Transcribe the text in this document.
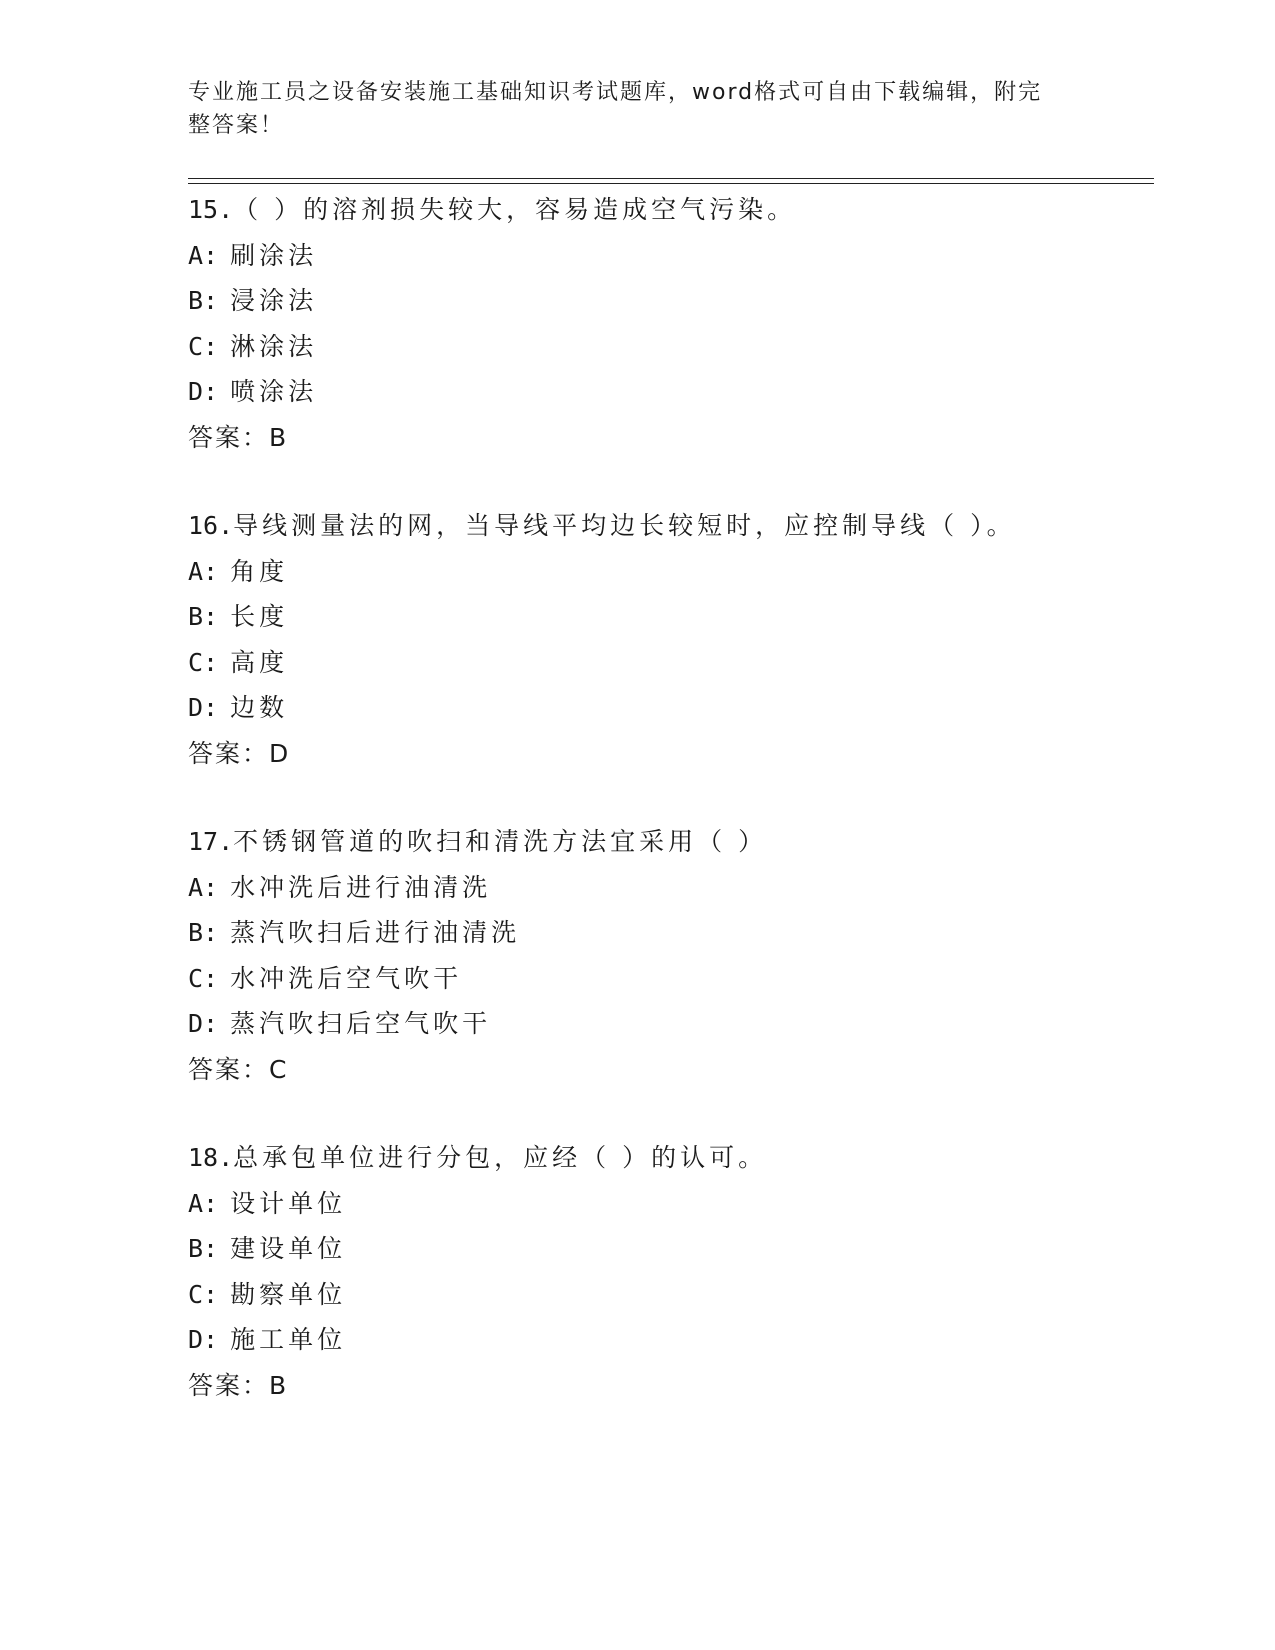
专业施工员之设备安装施工基础知识考试题库，word格式可自由下载编辑，附完
整答案！
15.（ ）的溶剂损失较大，容易造成空气污染。
A: 刷涂法
B: 浸涂法
C: 淋涂法
D: 喷涂法
答案：B
16.导线测量法的网，当导线平均边长较短时，应控制导线（ ）。
A: 角度
B: 长度
C: 高度
D: 边数
答案：D
17.不锈钢管道的吹扫和清洗方法宜采用（ ）
A: 水冲洗后进行油清洗
B: 蒸汽吹扫后进行油清洗
C: 水冲洗后空气吹干
D: 蒸汽吹扫后空气吹干
答案：C
18.总承包单位进行分包，应经（ ）的认可。
A: 设计单位
B: 建设单位
C: 勘察单位
D: 施工单位
答案：B
